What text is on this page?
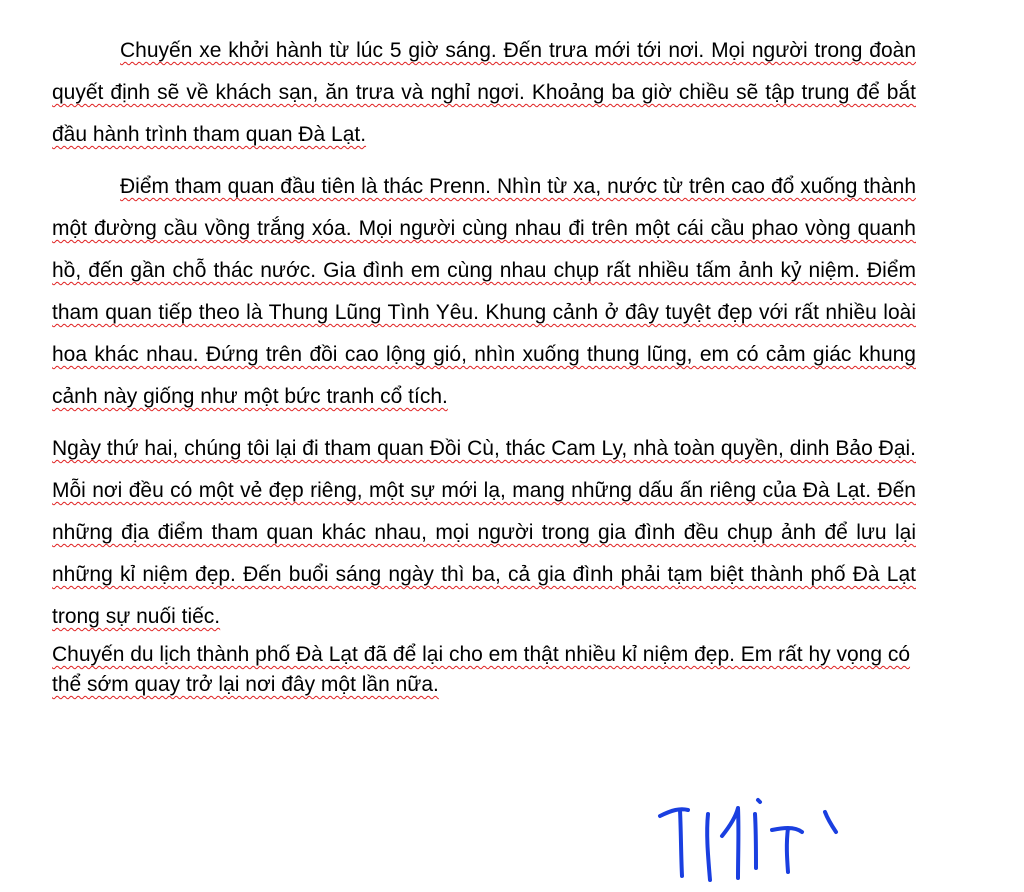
Chuyến xe khởi hành từ lúc 5 giờ sáng. Đến trưa mới tới nơi. Mọi người trong đoàn quyết định sẽ về khách sạn, ăn trưa và nghỉ ngơi. Khoảng ba giờ chiều sẽ tập trung để bắt đầu hành trình tham quan Đà Lạt.

Điểm tham quan đầu tiên là thác Prenn. Nhìn từ xa, nước từ trên cao đổ xuống thành một đường cầu vồng trắng xóa. Mọi người cùng nhau đi trên một cái cầu phao vòng quanh hồ, đến gần chỗ thác nước. Gia đình em cùng nhau chụp rất nhiều tấm ảnh kỷ niệm. Điểm tham quan tiếp theo là Thung Lũng Tình Yêu. Khung cảnh ở đây tuyệt đẹp với rất nhiều loài hoa khác nhau. Đứng trên đồi cao lộng gió, nhìn xuống thung lũng, em có cảm giác khung cảnh này giống như một bức tranh cổ tích.

Ngày thứ hai, chúng tôi lại đi tham quan Đồi Cù, thác Cam Ly, nhà toàn quyền, dinh Bảo Đại. Mỗi nơi đều có một vẻ đẹp riêng, một sự mới lạ, mang những dấu ấn riêng của Đà Lạt. Đến những địa điểm tham quan khác nhau, mọi người trong gia đình đều chụp ảnh để lưu lại những kỉ niệm đẹp. Đến buổi sáng ngày thì ba, cả gia đình phải tạm biệt thành phố Đà Lạt trong sự nuối tiếc.

Chuyến du lịch thành phố Đà Lạt đã để lại cho em thật nhiều kỉ niệm đẹp. Em rất hy vọng có thể sớm quay trở lại nơi đây một lần nữa.
